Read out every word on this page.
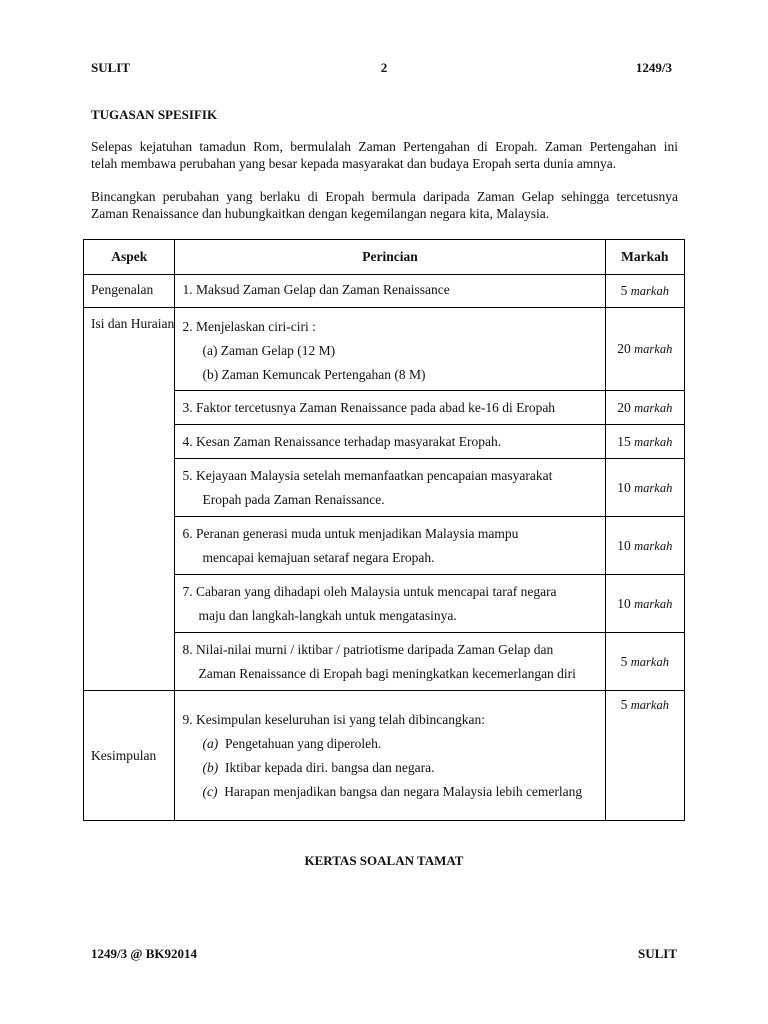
SULIT	2	1249/3
TUGASAN SPESIFIK
Selepas kejatuhan tamadun Rom, bermulalah Zaman Pertengahan di Eropah. Zaman Pertengahan ini
telah membawa perubahan yang besar kepada masyarakat dan budaya Eropah serta dunia amnya.
Bincangkan perubahan yang berlaku di Eropah bermula daripada Zaman Gelap sehingga tercetusnya
Zaman Renaissance dan hubungkaitkan dengan kegemilangan negara kita, Malaysia.
Aspek	Perincian	Markah
Pengenalan	1. Maksud Zaman Gelap dan Zaman Renaissance	5 markah
Isi dan Huraian	2. Menjelaskan ciri-ciri :
(a) Zaman Gelap (12 M)
(b) Zaman Kemuncak Pertengahan (8 M)	20 markah

	3. Faktor tercetusnya Zaman Renaissance pada abad ke-16 di Eropah	20 markah

	4. Kesan Zaman Renaissance terhadap masyarakat Eropah.	15 markah

	5. Kejayaan Malaysia setelah memanfaatkan pencapaian masyarakat
Eropah pada Zaman Renaissance.	10 markah

	6. Peranan generasi muda untuk menjadikan Malaysia mampu
mencapai kemajuan setaraf negara Eropah.	10 markah

	7. Cabaran yang dihadapi oleh Malaysia untuk mencapai taraf negara
maju dan langkah-langkah untuk mengatasinya.	10 markah

	8. Nilai-nilai murni / iktibar / patriotisme daripada Zaman Gelap dan
Zaman Renaissance di Eropah bagi meningkatkan kecemerlangan diri	5 markah
Kesimpulan	9. Kesimpulan keseluruhan isi yang telah dibincangkan:
(a) Pengetahuan yang diperoleh.
(b) Iktibar kepada diri. bangsa dan negara.
(c) Harapan menjadikan bangsa dan negara Malaysia lebih cemerlang	5 markah
KERTAS SOALAN TAMAT
1249/3 @ BK92014	SULIT
